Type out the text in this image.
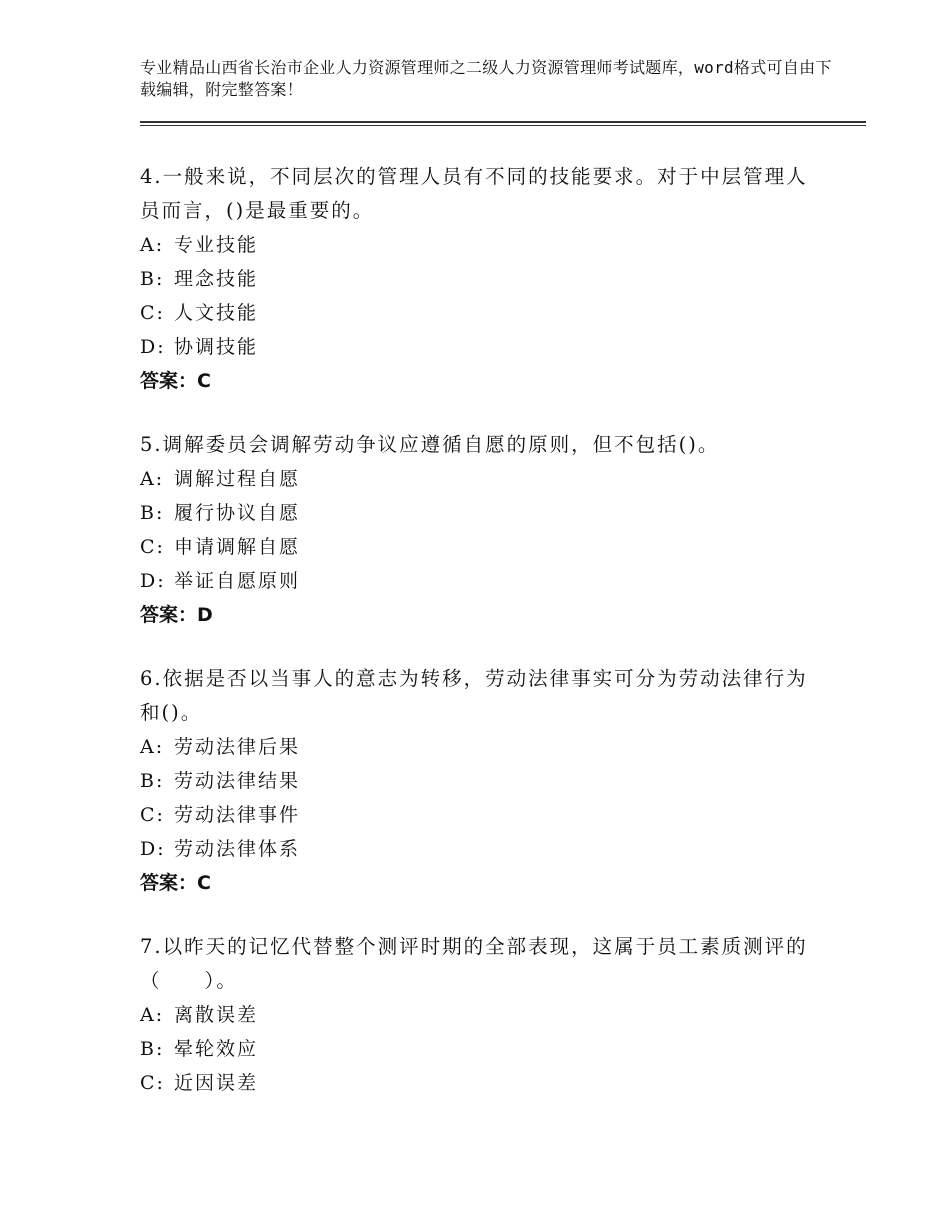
专业精品山西省长治市企业人力资源管理师之二级人力资源管理师考试题库，word格式可自由下载编辑，附完整答案！

4.一般来说，不同层次的管理人员有不同的技能要求。对于中层管理人员而言，()是最重要的。

A: 专业技能

B: 理念技能

C: 人文技能

D: 协调技能

答案：C

5.调解委员会调解劳动争议应遵循自愿的原则，但不包括()。

A: 调解过程自愿

B: 履行协议自愿

C: 申请调解自愿

D: 举证自愿原则

答案：D

6.依据是否以当事人的意志为转移，劳动法律事实可分为劳动法律行为和()。

A: 劳动法律后果

B: 劳动法律结果

C: 劳动法律事件

D: 劳动法律体系

答案：C

7.以昨天的记忆代替整个测评时期的全部表现，这属于员工素质测评的（　　）。

A: 离散误差

B: 晕轮效应

C: 近因误差
